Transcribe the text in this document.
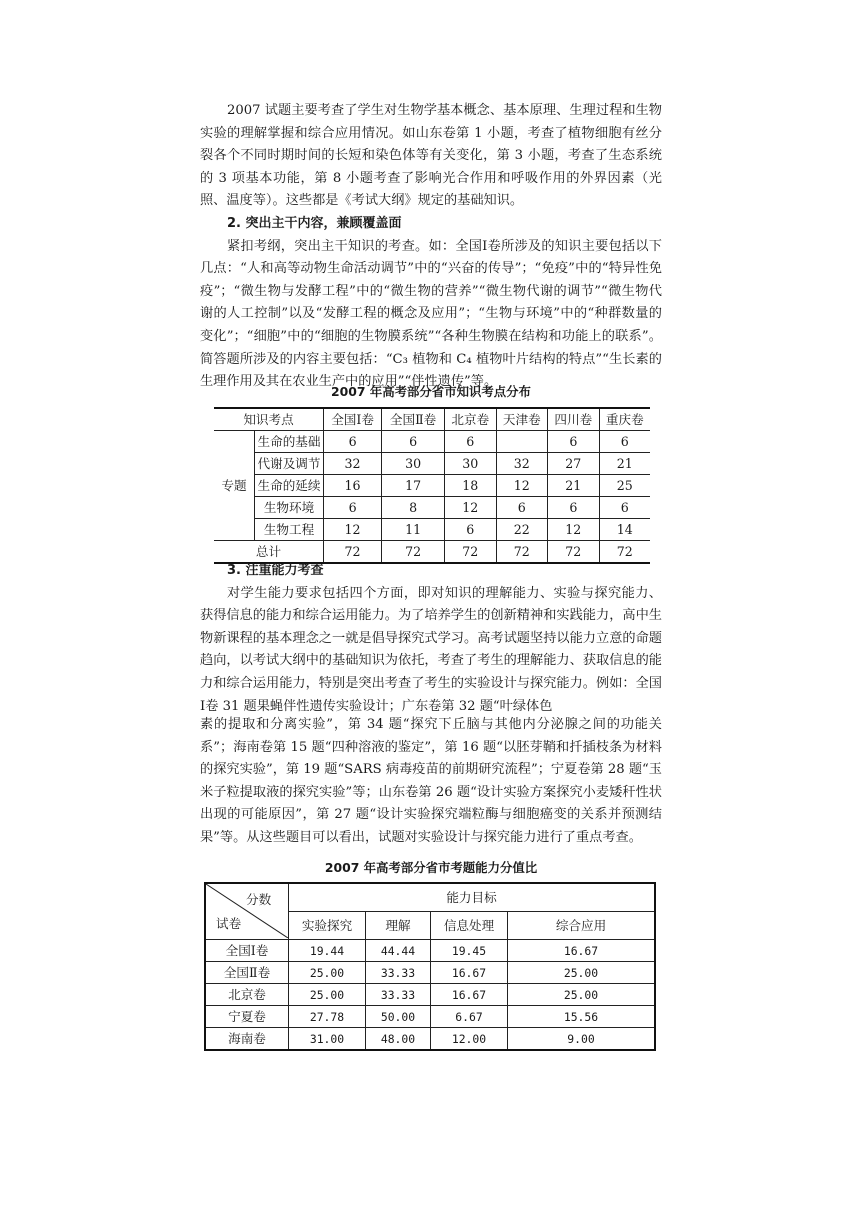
2007 试题主要考查了学生对生物学基本概念、基本原理、生理过程和生物实验的理解掌握和综合应用情况。如山东卷第 1 小题，考查了植物细胞有丝分裂各个不同时期时间的长短和染色体等有关变化，第 3 小题，考查了生态系统的 3 项基本功能，第 8 小题考查了影响光合作用和呼吸作用的外界因素（光照、温度等）。这些都是《考试大纲》规定的基础知识。

2. 突出主干内容，兼顾覆盖面

紧扣考纲，突出主干知识的考查。如：全国Ⅰ卷所涉及的知识主要包括以下几点：“人和高等动物生命活动调节”中的“兴奋的传导”；“免疫”中的“特异性免疫”；“微生物与发酵工程”中的“微生物的营养”“微生物代谢的调节”“微生物代谢的人工控制”以及“发酵工程的概念及应用”；“生物与环境”中的“种群数量的变化”；“细胞”中的“细胞的生物膜系统”“各种生物膜在结构和功能上的联系”。简答题所涉及的内容主要包括：“C₃ 植物和 C₄ 植物叶片结构的特点”“生长素的生理作用及其在农业生产中的应用”“伴性遗传”等。

2007 年高考部分省市知识考点分布

知识考点		全国Ⅰ卷	全国Ⅱ卷	北京卷	天津卷	四川卷	重庆卷
专题	生命的基础	6	6	6		6	6
	代谢及调节	32	30	30	32	27	21
	生命的延续	16	17	18	12	21	25
	生物环境	6	8	12	6	6	6
	生物工程	12	11	6	22	12	14
总计		72	72	72	72	72	72

3. 注重能力考查

对学生能力要求包括四个方面，即对知识的理解能力、实验与探究能力、获得信息的能力和综合运用能力。为了培养学生的创新精神和实践能力，高中生物新课程的基本理念之一就是倡导探究式学习。高考试题坚持以能力立意的命题趋向，以考试大纲中的基础知识为依托，考查了考生的理解能力、获取信息的能力和综合运用能力，特别是突出考查了考生的实验设计与探究能力。例如：全国Ⅰ卷 31 题果蝇伴性遗传实验设计；广东卷第 32 题“叶绿体色

素的提取和分离实验”，第 34 题“探究下丘脑与其他内分泌腺之间的功能关系”；海南卷第 15 题“四种溶液的鉴定”，第 16 题“以胚芽鞘和扦插枝条为材料的探究实验”，第 19 题“SARS 病毒疫苗的前期研究流程”；宁夏卷第 28 题“玉米子粒提取液的探究实验”等；山东卷第 26 题“设计实验方案探究小麦矮秆性状出现的可能原因”，第 27 题“设计实验探究端粒酶与细胞癌变的关系并预测结果”等。从这些题目可以看出，试题对实验设计与探究能力进行了重点考查。

2007 年高考部分省市考题能力分值比

分数
试卷	能力目标			
	实验探究	理解	信息处理	综合应用
全国Ⅰ卷	19.44	44.44	19.45	16.67
全国Ⅱ卷	25.00	33.33	16.67	25.00
北京卷	25.00	33.33	16.67	25.00
宁夏卷	27.78	50.00	6.67	15.56
海南卷	31.00	48.00	12.00	9.00
